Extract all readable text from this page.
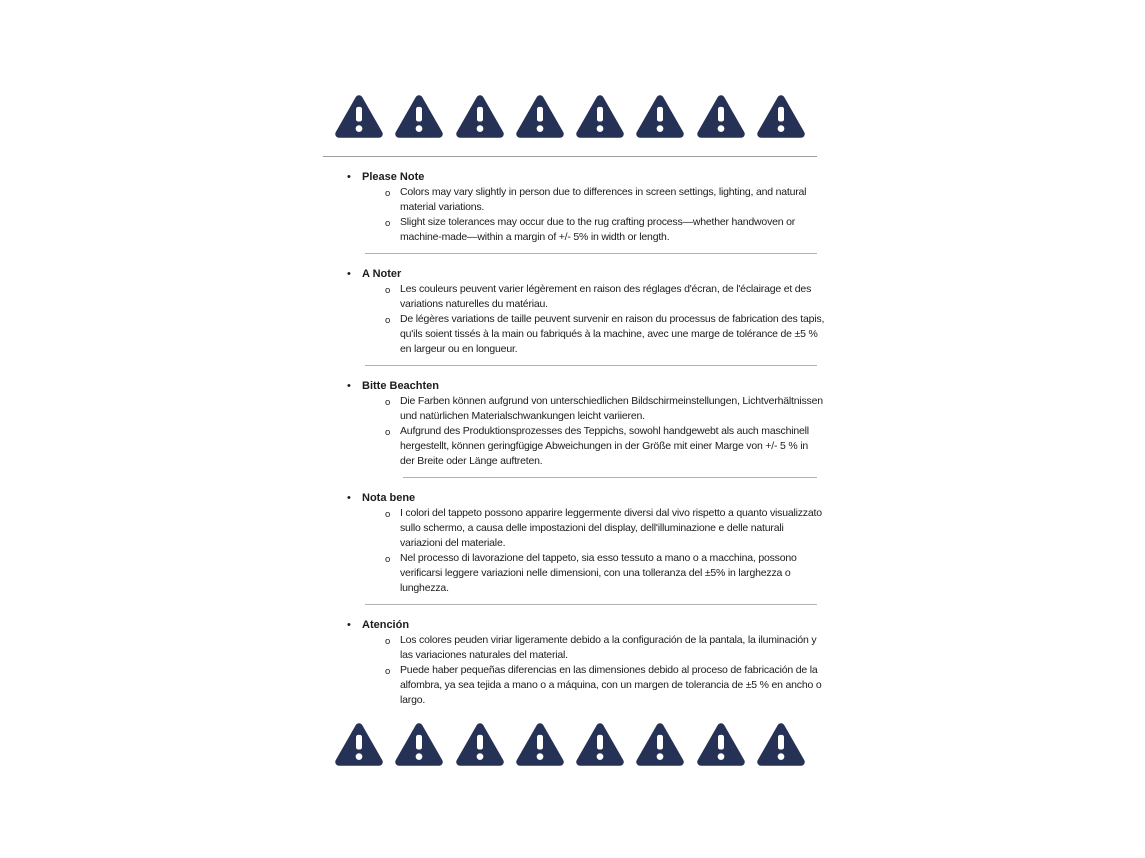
• Please Note
o Colors may vary slightly in person due to differences in screen settings, lighting, and natural material variations.
o Slight size tolerances may occur due to the rug crafting process—whether handwoven or machine-made—within a margin of +/- 5% in width or length.
• A Noter
o Les couleurs peuvent varier légèrement en raison des réglages d'écran, de l'éclairage et des variations naturelles du matériau.
o De légères variations de taille peuvent survenir en raison du processus de fabrication des tapis, qu'ils soient tissés à la main ou fabriqués à la machine, avec une marge de tolérance de ±5 % en largeur ou en longueur.
• Bitte Beachten
o Die Farben können aufgrund von unterschiedlichen Bildschirmeinstellungen, Lichtverhältnissen und natürlichen Materialschwankungen leicht variieren.
o Aufgrund des Produktionsprozesses des Teppichs, sowohl handgewebt als auch maschinell hergestellt, können geringfügige Abweichungen in der Größe mit einer Marge von +/- 5 % in der Breite oder Länge auftreten.
• Nota bene
o I colori del tappeto possono apparire leggermente diversi dal vivo rispetto a quanto visualizzato sullo schermo, a causa delle impostazioni del display, dell'illuminazione e delle naturali variazioni del materiale.
o Nel processo di lavorazione del tappeto, sia esso tessuto a mano o a macchina, possono verificarsi leggere variazioni nelle dimensioni, con una tolleranza del ±5% in larghezza o lunghezza.
• Atención
o Los colores peuden viriar ligeramente debido a la configuración de la pantala, la iluminación y las variaciones naturales del material.
o Puede haber pequeñas diferencias en las dimensiones debido al proceso de fabricación de la alfombra, ya sea tejida a mano o a máquina, con un margen de tolerancia de ±5 % en ancho o largo.
